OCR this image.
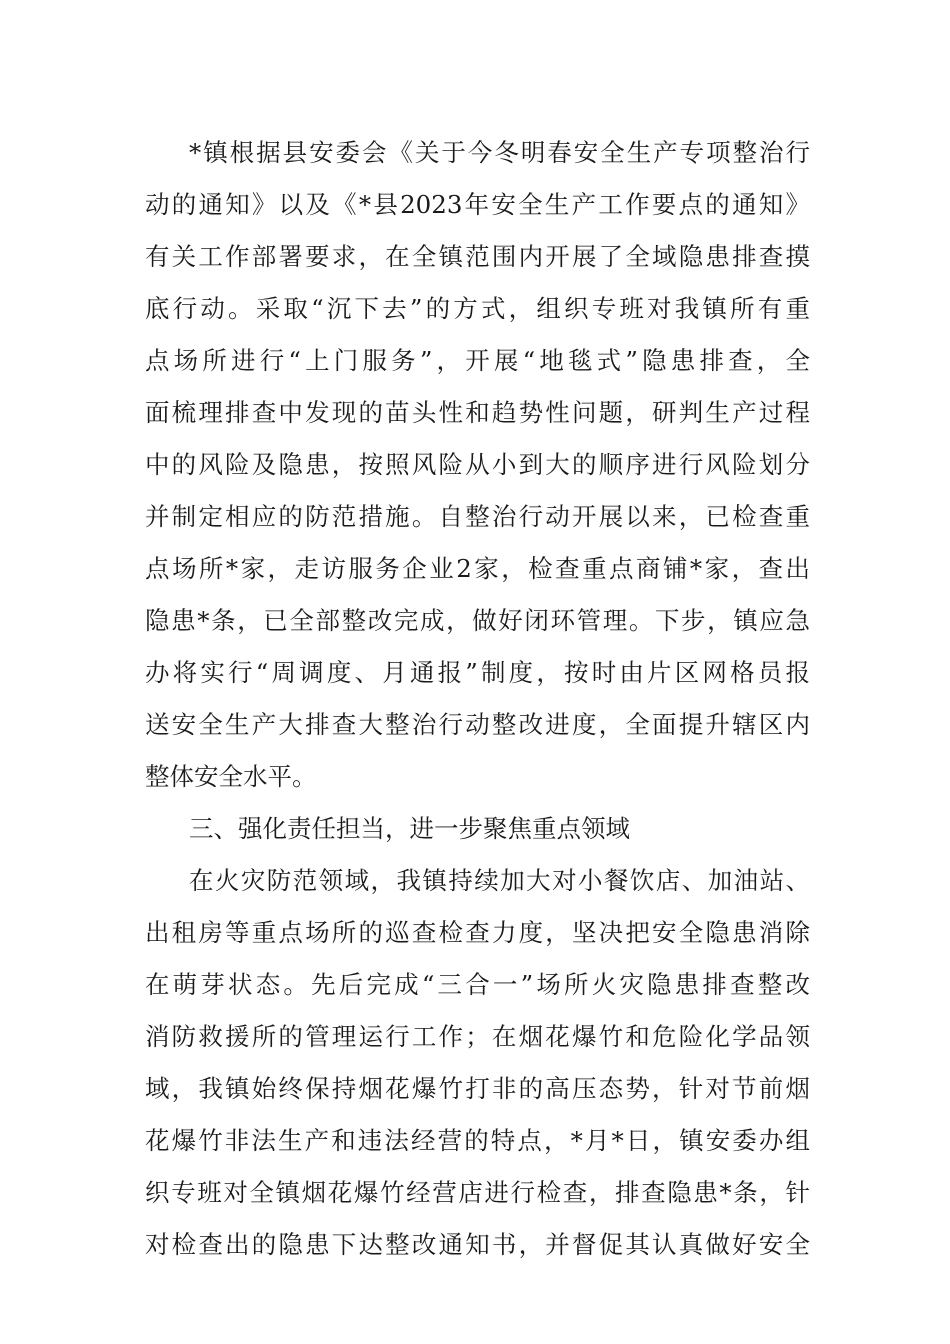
*镇根据县安委会《关于今冬明春安全生产专项整治行
动的通知》以及《*县2023年安全生产工作要点的通知》
有关工作部署要求，在全镇范围内开展了全域隐患排查摸
底行动。采取“沉下去”的方式，组织专班对我镇所有重
点场所进行“上门服务”，开展“地毯式”隐患排查，全
面梳理排查中发现的苗头性和趋势性问题，研判生产过程
中的风险及隐患，按照风险从小到大的顺序进行风险划分
并制定相应的防范措施。自整治行动开展以来，已检查重
点场所*家，走访服务企业2家，检查重点商铺*家，查出
隐患*条，已全部整改完成，做好闭环管理。下步，镇应急
办将实行“周调度、月通报”制度，按时由片区网格员报
送安全生产大排查大整治行动整改进度，全面提升辖区内
整体安全水平。
三、强化责任担当，进一步聚焦重点领域
在火灾防范领域，我镇持续加大对小餐饮店、加油站、
出租房等重点场所的巡查检查力度，坚决把安全隐患消除
在萌芽状态。先后完成“三合一”场所火灾隐患排查整改
消防救援所的管理运行工作；在烟花爆竹和危险化学品领
域，我镇始终保持烟花爆竹打非的高压态势，针对节前烟
花爆竹非法生产和违法经营的特点，*月*日，镇安委办组
织专班对全镇烟花爆竹经营店进行检查，排查隐患*条，针
对检查出的隐患下达整改通知书，并督促其认真做好安全
